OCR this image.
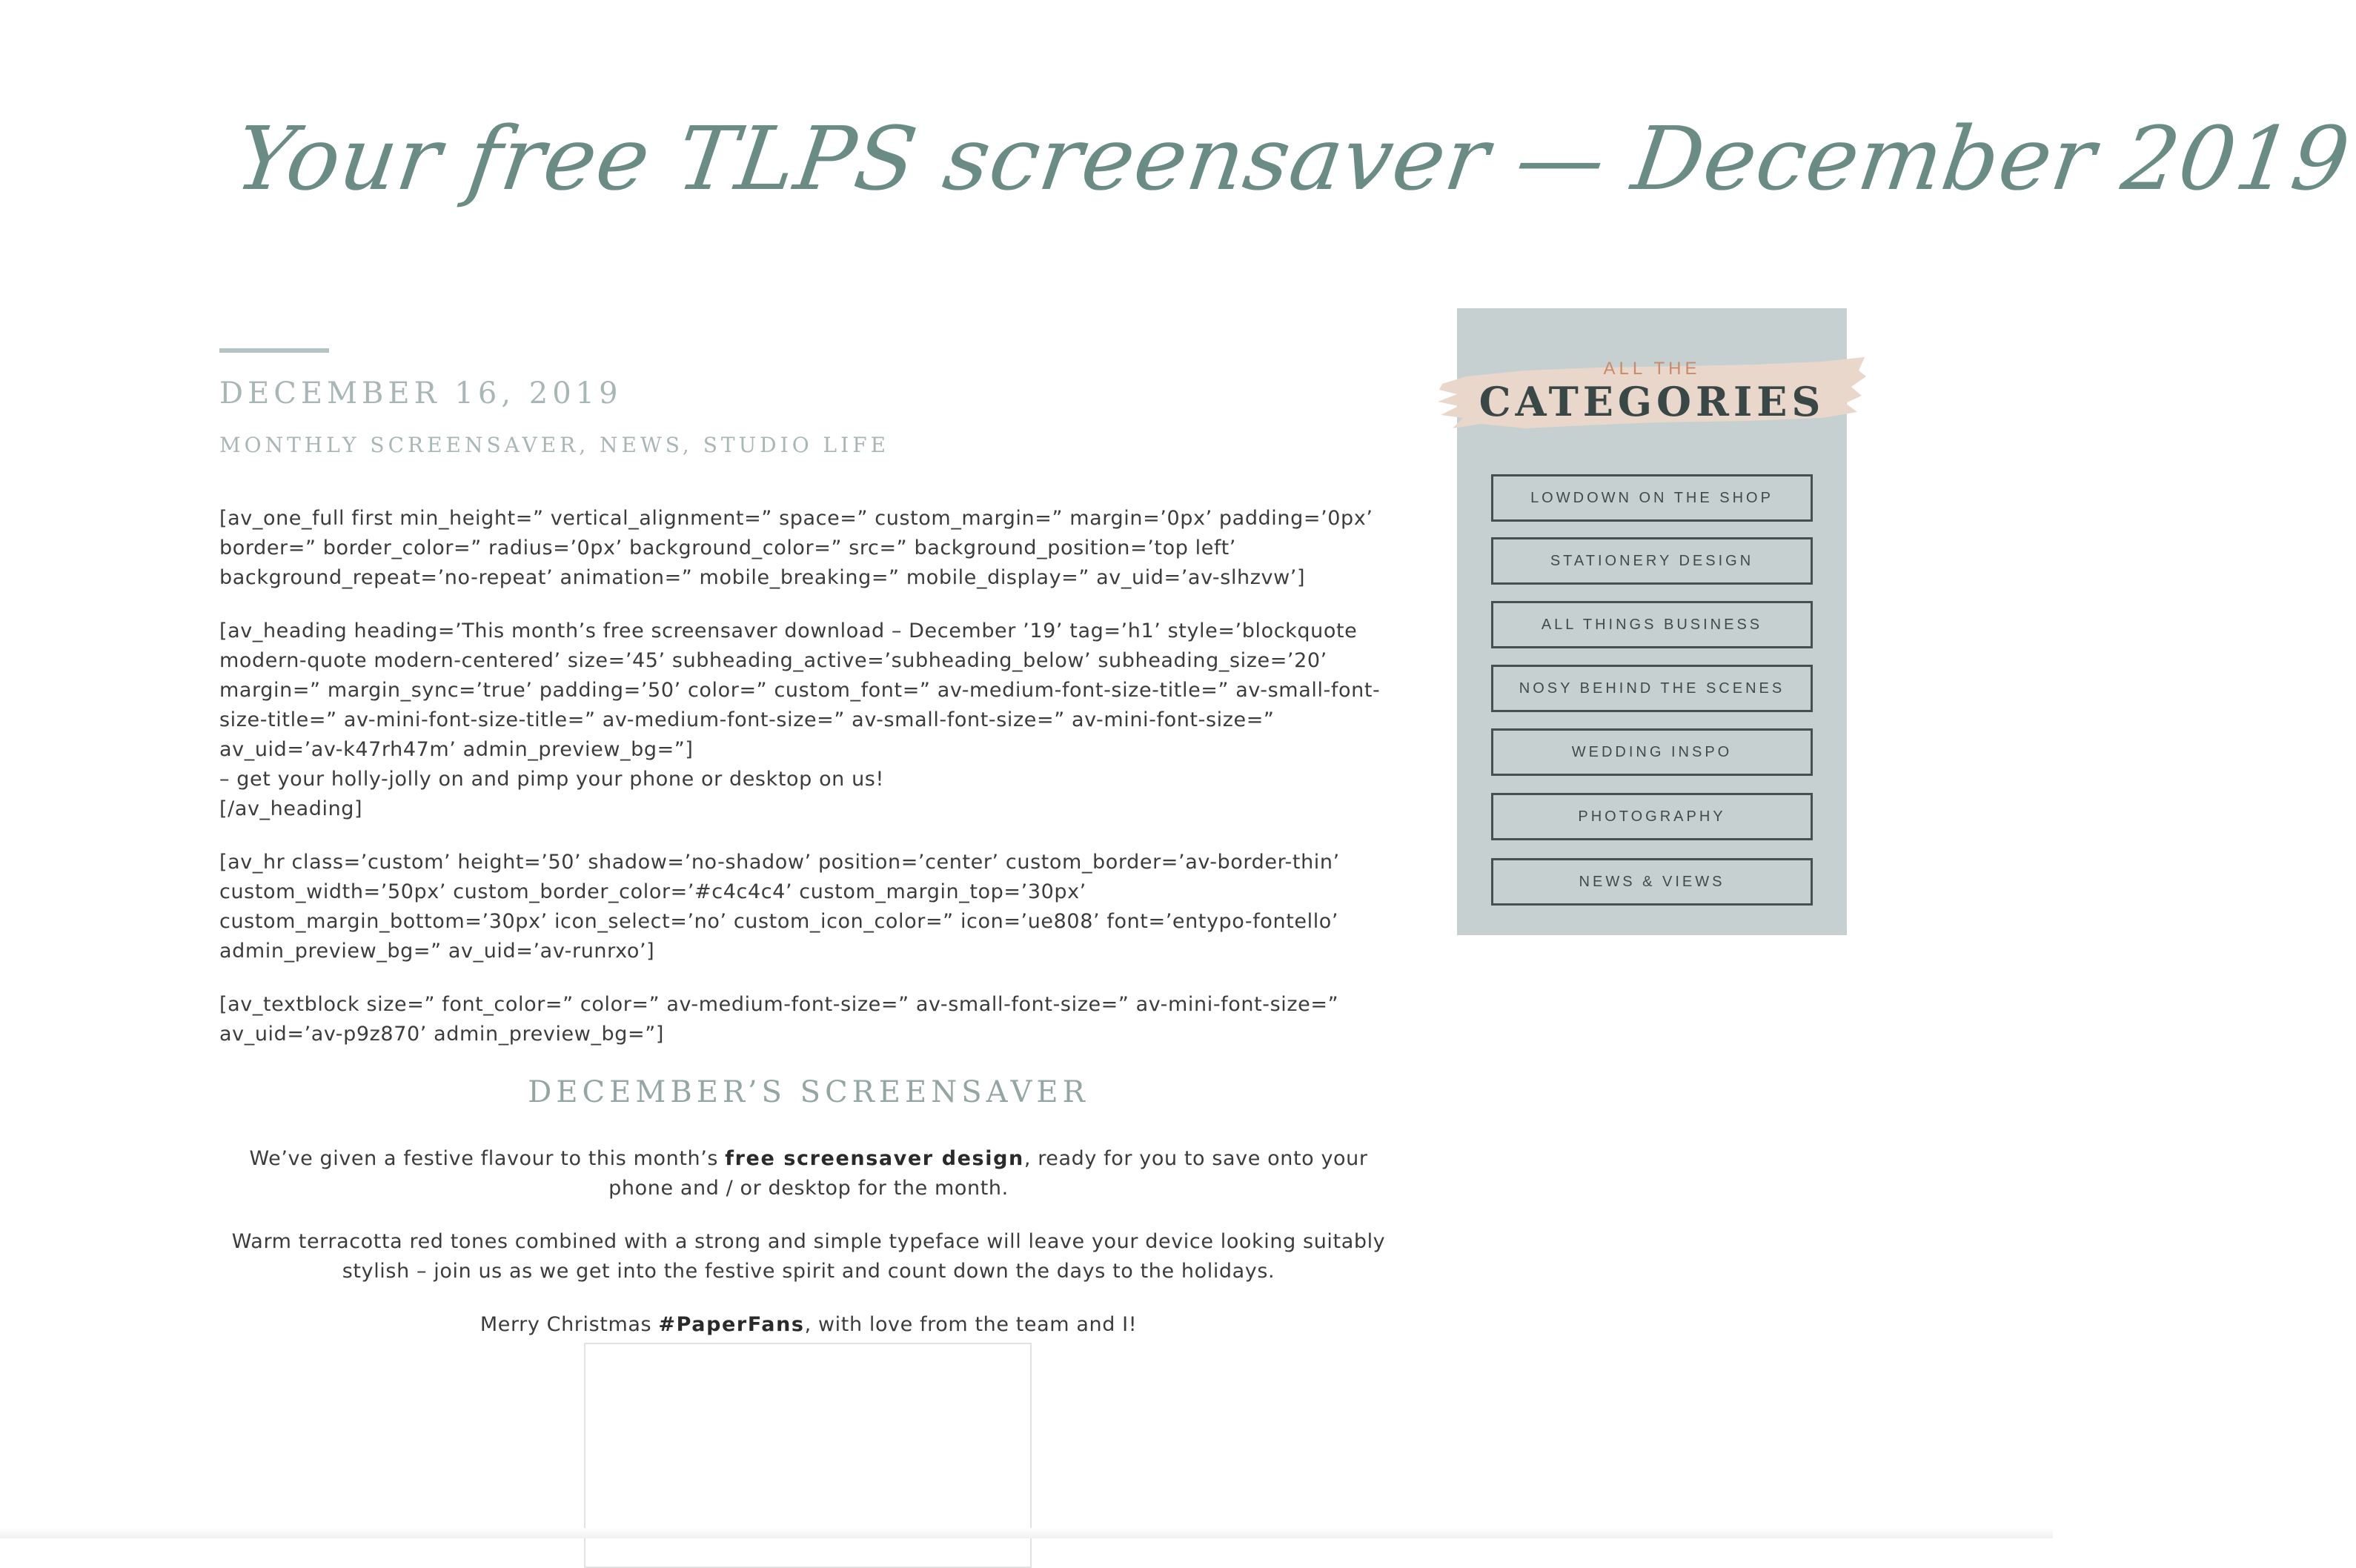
Your free TLPS screensaver — December 2019

DECEMBER 16, 2019

MONTHLY SCREENSAVER, NEWS, STUDIO LIFE

[av_one_full first min_height=” vertical_alignment=” space=” custom_margin=” margin=’0px’ padding=’0px’ border=” border_color=” radius=’0px’ background_color=” src=” background_position=’top left’ background_repeat=’no-repeat’ animation=” mobile_breaking=” mobile_display=” av_uid=’av-slhzvw’]

[av_heading heading=’This month’s free screensaver download – December ’19’ tag=’h1’ style=’blockquote modern-quote modern-centered’ size=’45’ subheading_active=’subheading_below’ subheading_size=’20’ margin=” margin_sync=’true’ padding=’50’ color=” custom_font=” av-medium-font-size-title=” av-small-font-size-title=” av-mini-font-size-title=” av-medium-font-size=” av-small-font-size=” av-mini-font-size=” av_uid=’av-k47rh47m’ admin_preview_bg=”]
– get your holly-jolly on and pimp your phone or desktop on us!
[/av_heading]

[av_hr class=’custom’ height=’50’ shadow=’no-shadow’ position=’center’ custom_border=’av-border-thin’ custom_width=’50px’ custom_border_color=’#c4c4c4’ custom_margin_top=’30px’ custom_margin_bottom=’30px’ icon_select=’no’ custom_icon_color=” icon=’ue808’ font=’entypo-fontello’ admin_preview_bg=” av_uid=’av-runrxo’]

[av_textblock size=” font_color=” color=” av-medium-font-size=” av-small-font-size=” av-mini-font-size=” av_uid=’av-p9z870’ admin_preview_bg=”]

DECEMBER’S SCREENSAVER

We’ve given a festive flavour to this month’s free screensaver design, ready for you to save onto your phone and / or desktop for the month.

Warm terracotta red tones combined with a strong and simple typeface will leave your device looking suitably stylish – join us as we get into the festive spirit and count down the days to the holidays.

Merry Christmas #PaperFans, with love from the team and I!

ALL THE

CATEGORIES
LOWDOWN ON THE SHOP
STATIONERY DESIGN
ALL THINGS BUSINESS
NOSY BEHIND THE SCENES
WEDDING INSPO
PHOTOGRAPHY
NEWS & VIEWS
